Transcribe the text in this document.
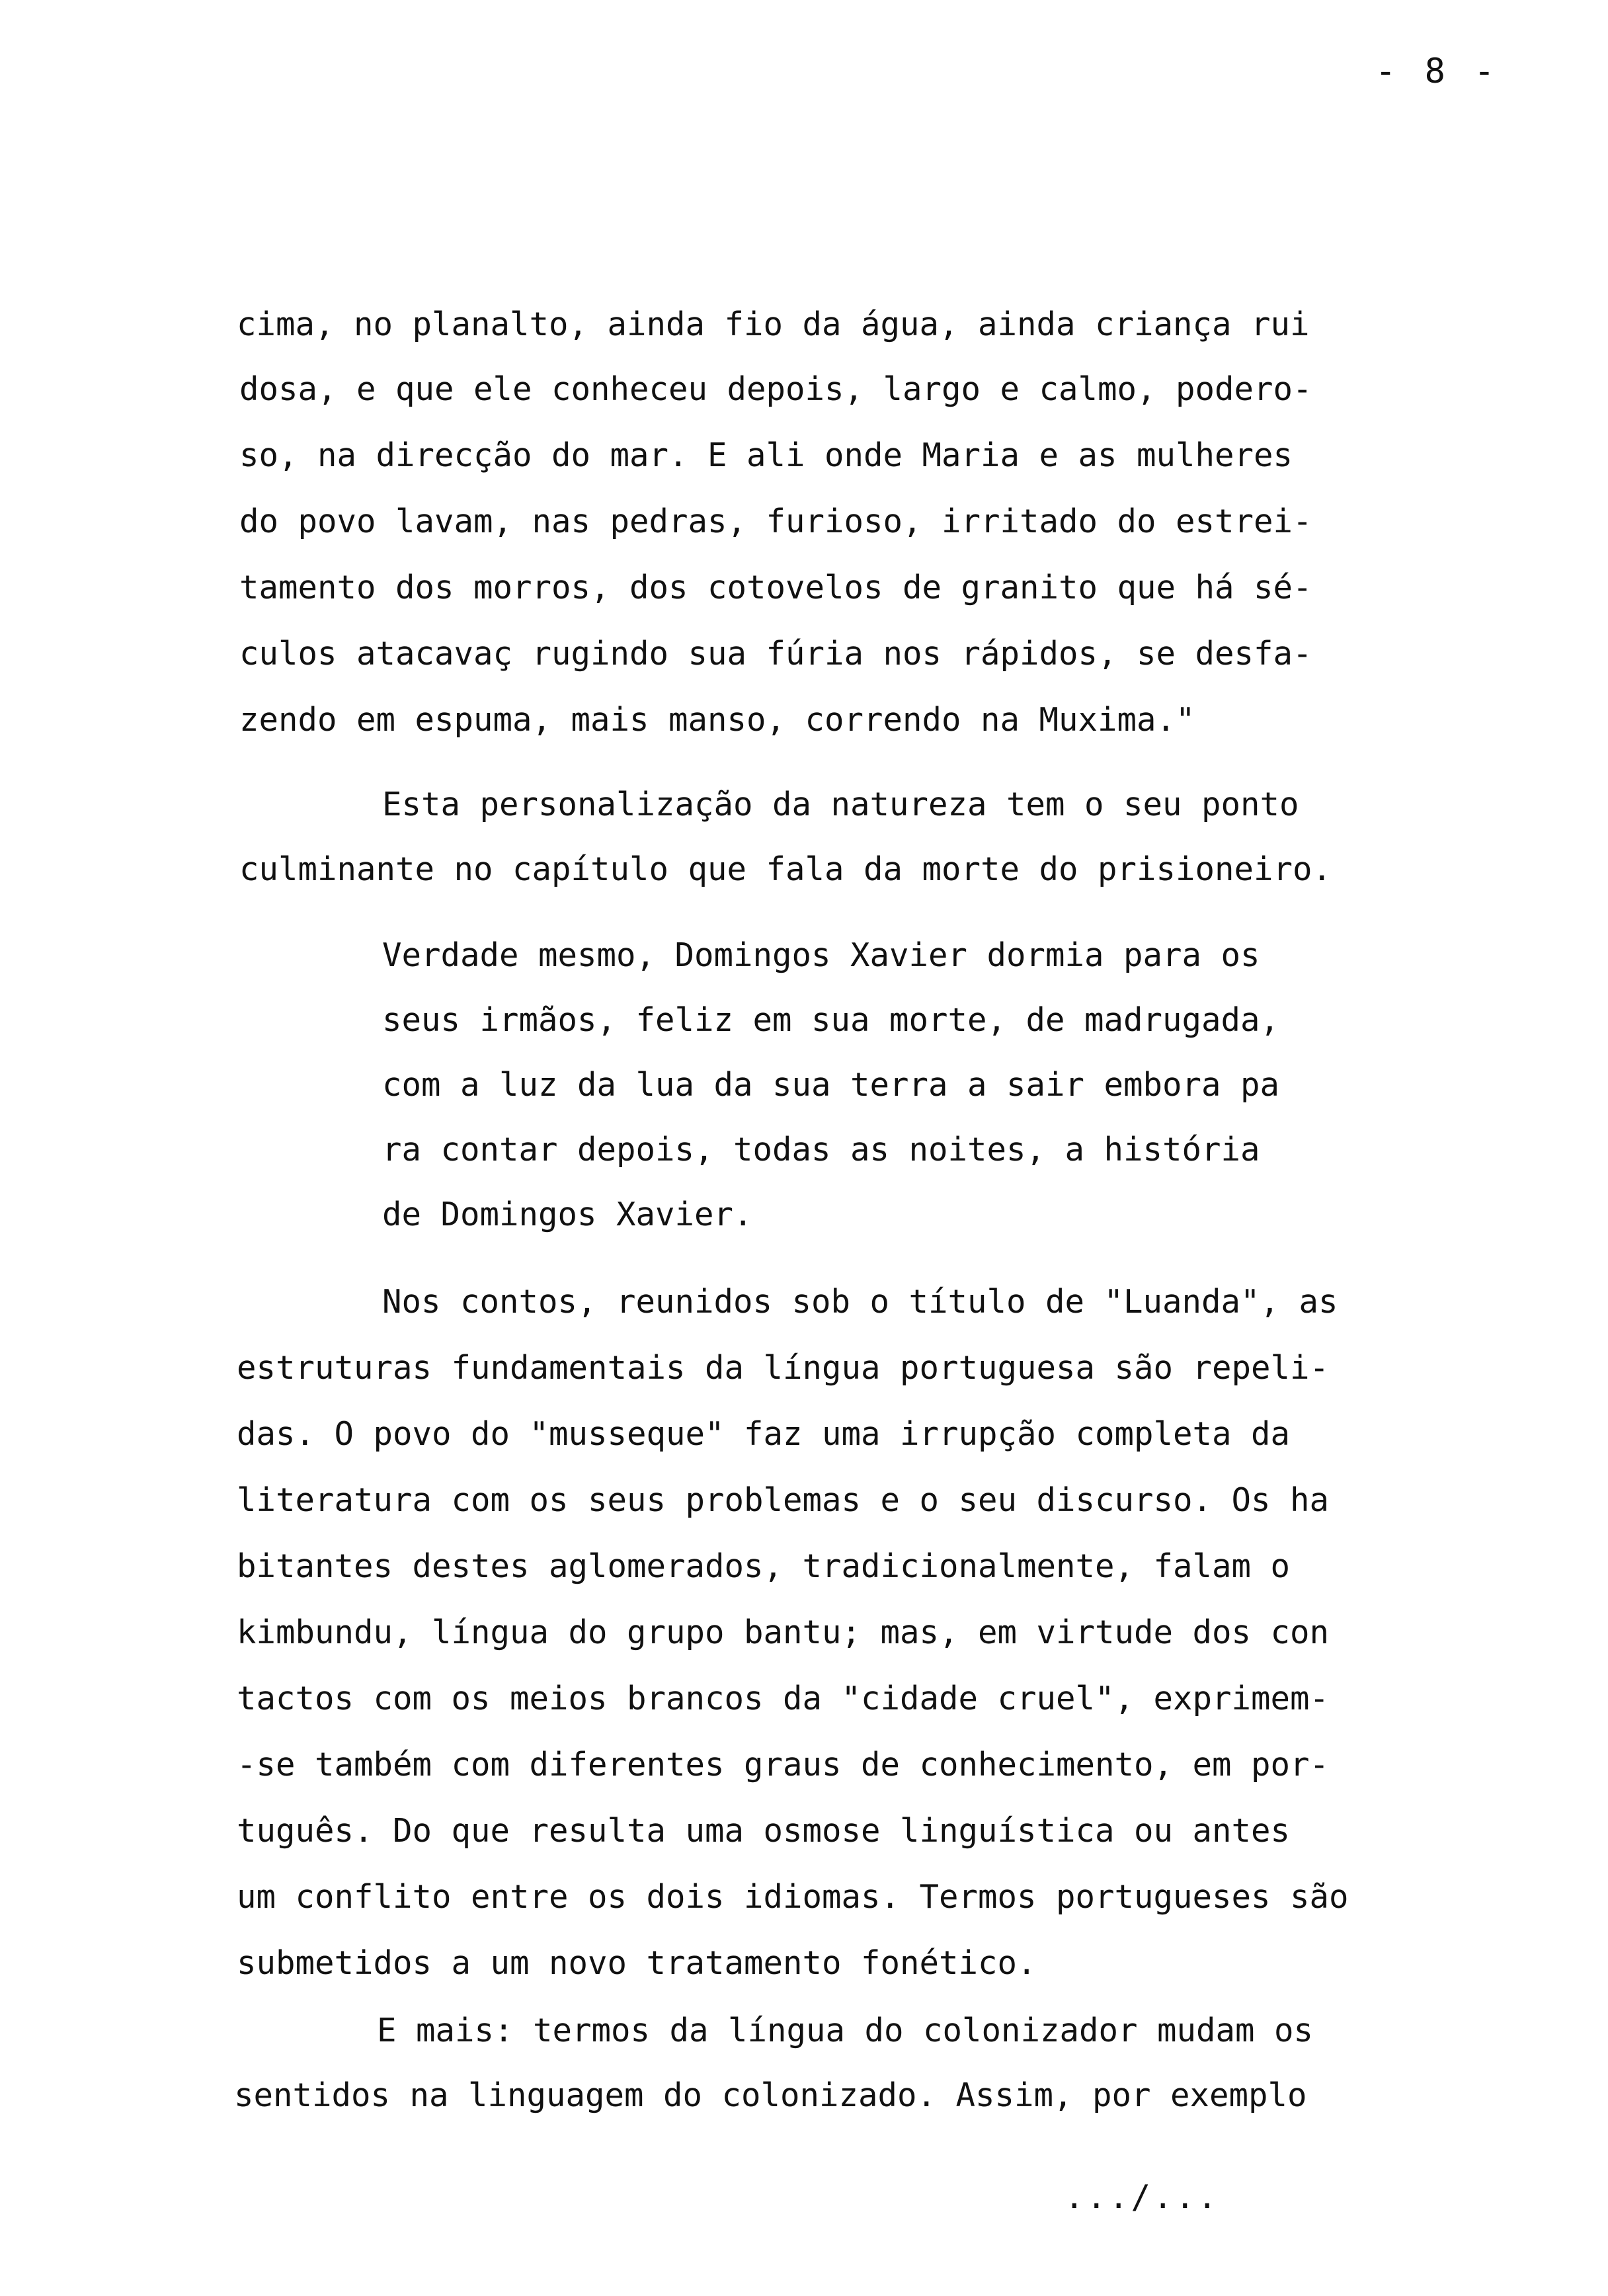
- 8 -
cima, no planalto, ainda fio da água, ainda criança rui
dosa, e que ele conheceu depois, largo e calmo, podero-
so, na direcção do mar. E ali onde Maria e as mulheres
do povo lavam, nas pedras, furioso, irritado do estrei-
tamento dos morros, dos cotovelos de granito que há sé-
culos atacavaç rugindo sua fúria nos rápidos, se desfa-
zendo em espuma, mais manso, correndo na Muxima."
Esta personalização da natureza tem o seu ponto
culminante no capítulo que fala da morte do prisioneiro.
Verdade mesmo, Domingos Xavier dormia para os
seus irmãos, feliz em sua morte, de madrugada,
com a luz da lua da sua terra a sair embora pa
ra contar depois, todas as noites, a história
de Domingos Xavier.
Nos contos, reunidos sob o título de "Luanda", as
estruturas fundamentais da língua portuguesa são repeli-
das. O povo do "musseque" faz uma irrupção completa da
literatura com os seus problemas e o seu discurso. Os ha
bitantes destes aglomerados, tradicionalmente, falam o
kimbundu, língua do grupo bantu; mas, em virtude dos con
tactos com os meios brancos da "cidade cruel", exprimem-
-se também com diferentes graus de conhecimento, em por-
tuguês. Do que resulta uma osmose linguística ou antes
um conflito entre os dois idiomas. Termos portugueses são
submetidos a um novo tratamento fonético.
E mais: termos da língua do colonizador mudam os
sentidos na linguagem do colonizado. Assim, por exemplo
.../...
